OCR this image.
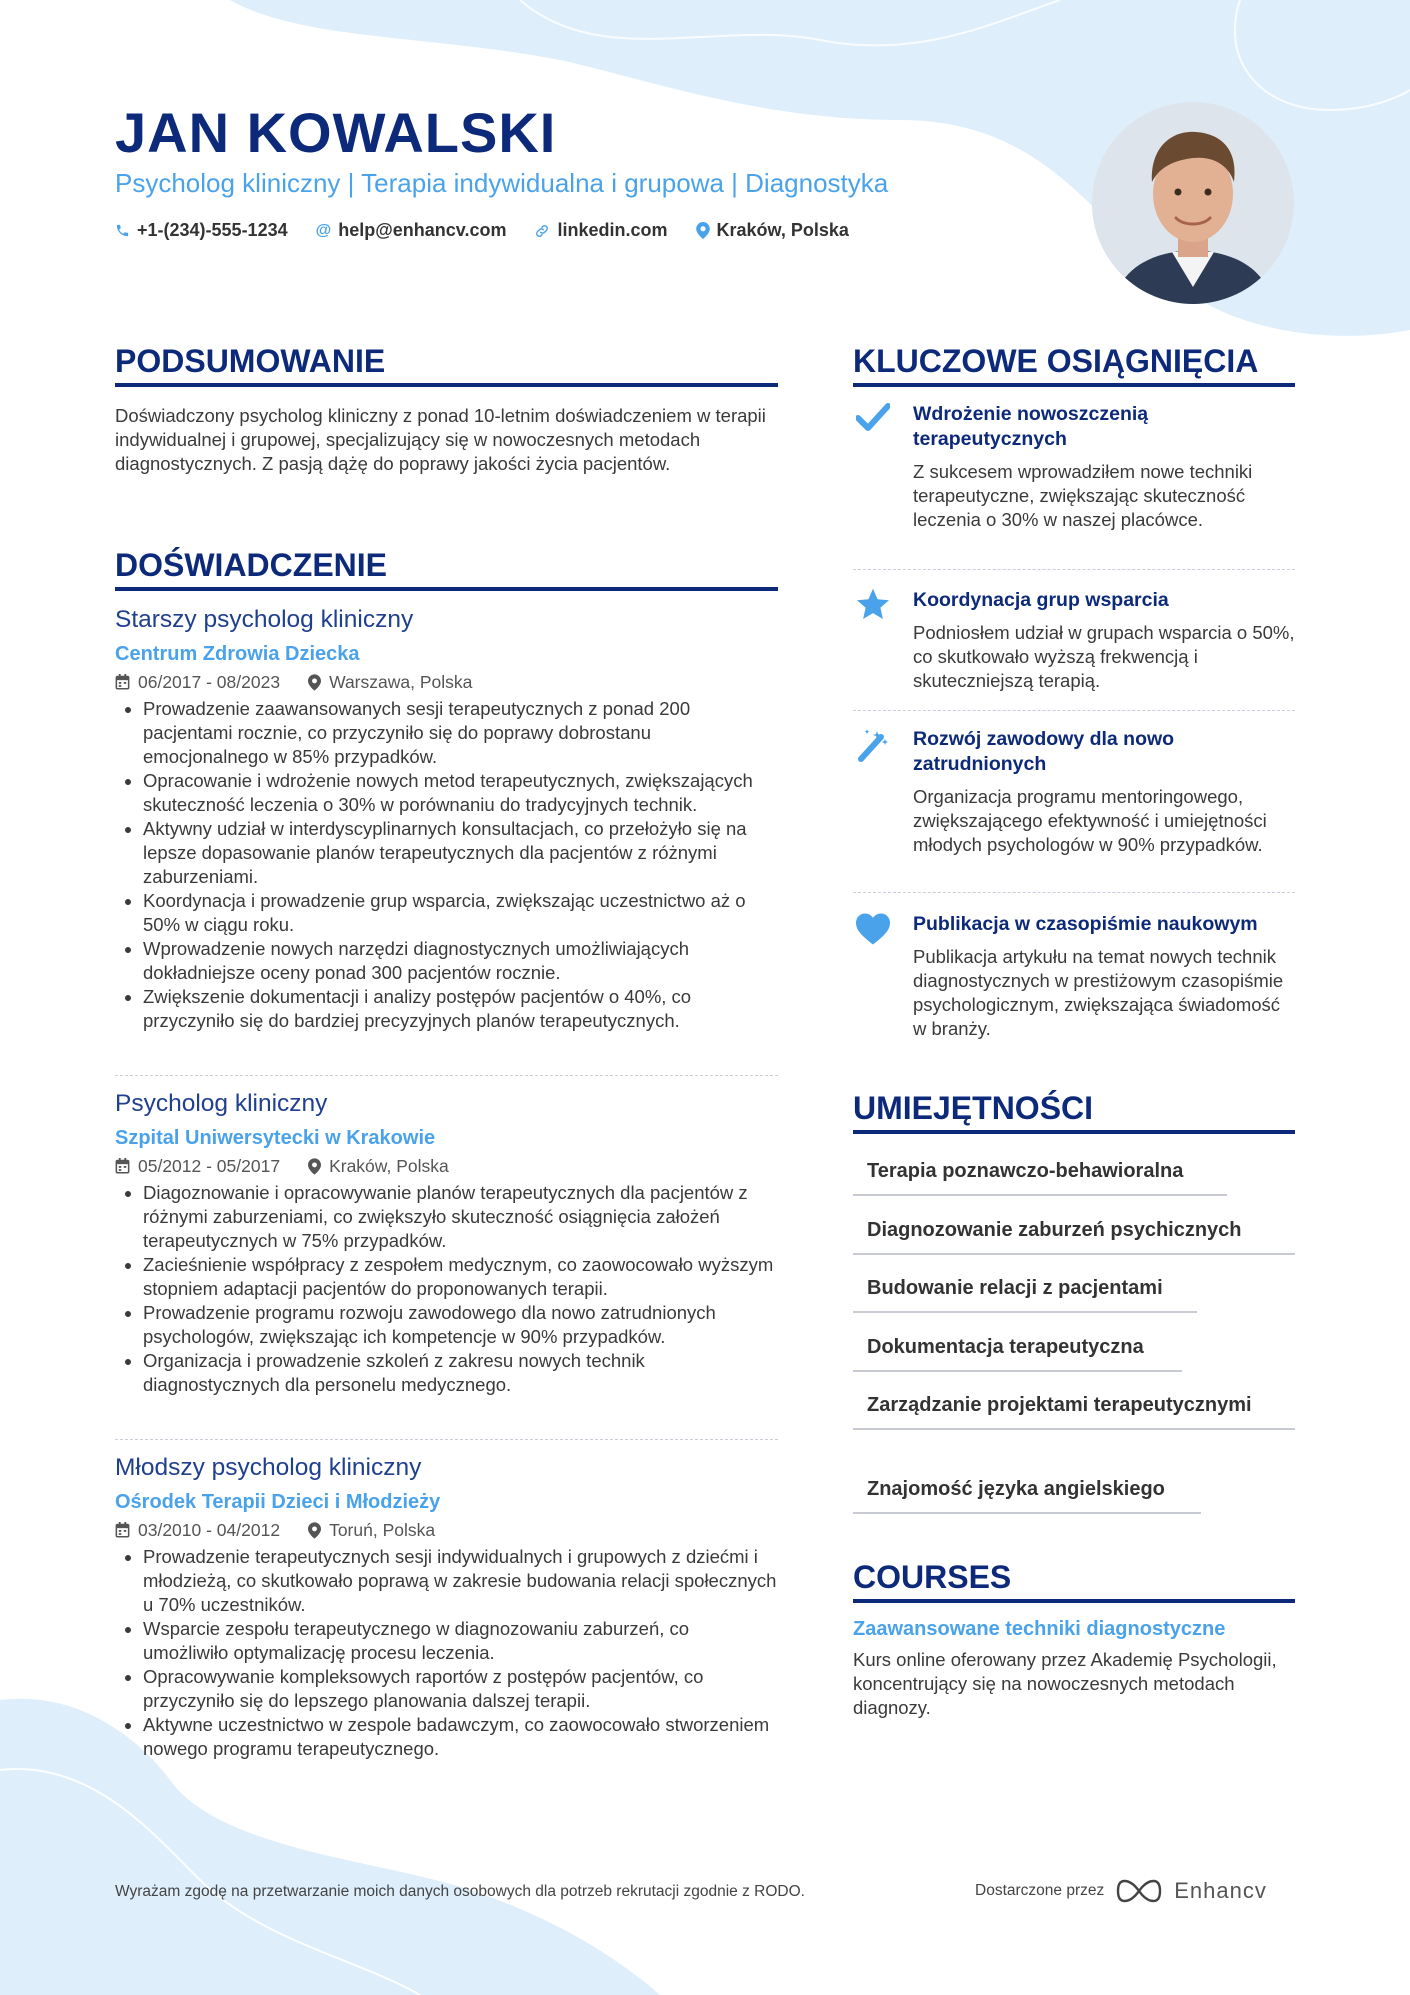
JAN KOWALSKI
Psycholog kliniczny | Terapia indywidualna i grupowa | Diagnostyka
+1-(234)-555-1234 @ help@enhancv.com	linkedin.com	Kraków, Polska
PODSUMOWANIE
Doświadczony psycholog kliniczny z ponad 10-letnim doświadczeniem w terapii indywidualnej i grupowej, specjalizujący się w nowoczesnych metodach diagnostycznych. Z pasją dążę do poprawy jakości życia pacjentów.
DOŚWIADCZENIE
Starszy psycholog kliniczny
Centrum Zdrowia Dziecka
06/2017 - 08/2023	Warszawa, Polska
• Prowadzenie zaawansowanych sesji terapeutycznych z ponad 200 pacjentami rocznie, co przyczyniło się do poprawy dobrostanu emocjonalnego w 85% przypadków.
• Opracowanie i wdrożenie nowych metod terapeutycznych, zwiększających skuteczność leczenia o 30% w porównaniu do tradycyjnych technik.
• Aktywny udział w interdyscyplinarnych konsultacjach, co przełożyło się na lepsze dopasowanie planów terapeutycznych dla pacjentów z różnymi zaburzeniami.
• Koordynacja i prowadzenie grup wsparcia, zwiększając uczestnictwo aż o 50% w ciągu roku.
• Wprowadzenie nowych narzędzi diagnostycznych umożliwiających dokładniejsze oceny ponad 300 pacjentów rocznie.
• Zwiększenie dokumentacji i analizy postępów pacjentów o 40%, co przyczyniło się do bardziej precyzyjnych planów terapeutycznych.
Psycholog kliniczny
Szpital Uniwersytecki w Krakowie
05/2012 - 05/2017	Kraków, Polska
• Diagoznowanie i opracowywanie planów terapeutycznych dla pacjentów z różnymi zaburzeniami, co zwiększyło skuteczność osiągnięcia założeń terapeutycznych w 75% przypadków.
• Zacieśnienie współpracy z zespołem medycznym, co zaowocowało wyższym stopniem adaptacji pacjentów do proponowanych terapii.
• Prowadzenie programu rozwoju zawodowego dla nowo zatrudnionych psychologów, zwiększając ich kompetencje w 90% przypadków.
• Organizacja i prowadzenie szkoleń z zakresu nowych technik diagnostycznych dla personelu medycznego.
Młodszy psycholog kliniczny
Ośrodek Terapii Dzieci i Młodzieży
03/2010 - 04/2012	Toruń, Polska
• Prowadzenie terapeutycznych sesji indywidualnych i grupowych z dziećmi i młodzieżą, co skutkowało poprawą w zakresie budowania relacji społecznych u 70% uczestników.
• Wsparcie zespołu terapeutycznego w diagnozowaniu zaburzeń, co umożliwiło optymalizację procesu leczenia.
• Opracowywanie kompleksowych raportów z postępów pacjentów, co przyczyniło się do lepszego planowania dalszej terapii.
• Aktywne uczestnictwo w zespole badawczym, co zaowocowało stworzeniem nowego programu terapeutycznego.
KLUCZOWE OSIĄGNIĘCIA
Wdrożenie nowoszczenią terapeutycznych
Z sukcesem wprowadziłem nowe techniki terapeutyczne, zwiększając skuteczność leczenia o 30% w naszej placówce.
Koordynacja grup wsparcia
Podniosłem udział w grupach wsparcia o 50%, co skutkowało wyższą frekwencją i skuteczniejszą terapią.
Rozwój zawodowy dla nowo zatrudnionych
Organizacja programu mentoringowego, zwiększającego efektywność i umiejętności młodych psychologów w 90% przypadków.
Publikacja w czasopiśmie naukowym
Publikacja artykułu na temat nowych technik diagnostycznych w prestiżowym czasopiśmie psychologicznym, zwiększająca świadomość w branży.
UMIEJĘTNOŚCI
Terapia poznawczo-behawioralna
Diagnozowanie zaburzeń psychicznych
Budowanie relacji z pacjentami
Dokumentacja terapeutyczna
Zarządzanie projektami terapeutycznymi
Znajomość języka angielskiego
COURSES
Zaawansowane techniki diagnostyczne
Kurs online oferowany przez Akademię Psychologii, koncentrujący się na nowoczesnych metodach diagnozy.
Wyrażam zgodę na przetwarzanie moich danych osobowych dla potrzeb rekrutacji zgodnie z RODO.	Dostarczone przez	Enhancv
